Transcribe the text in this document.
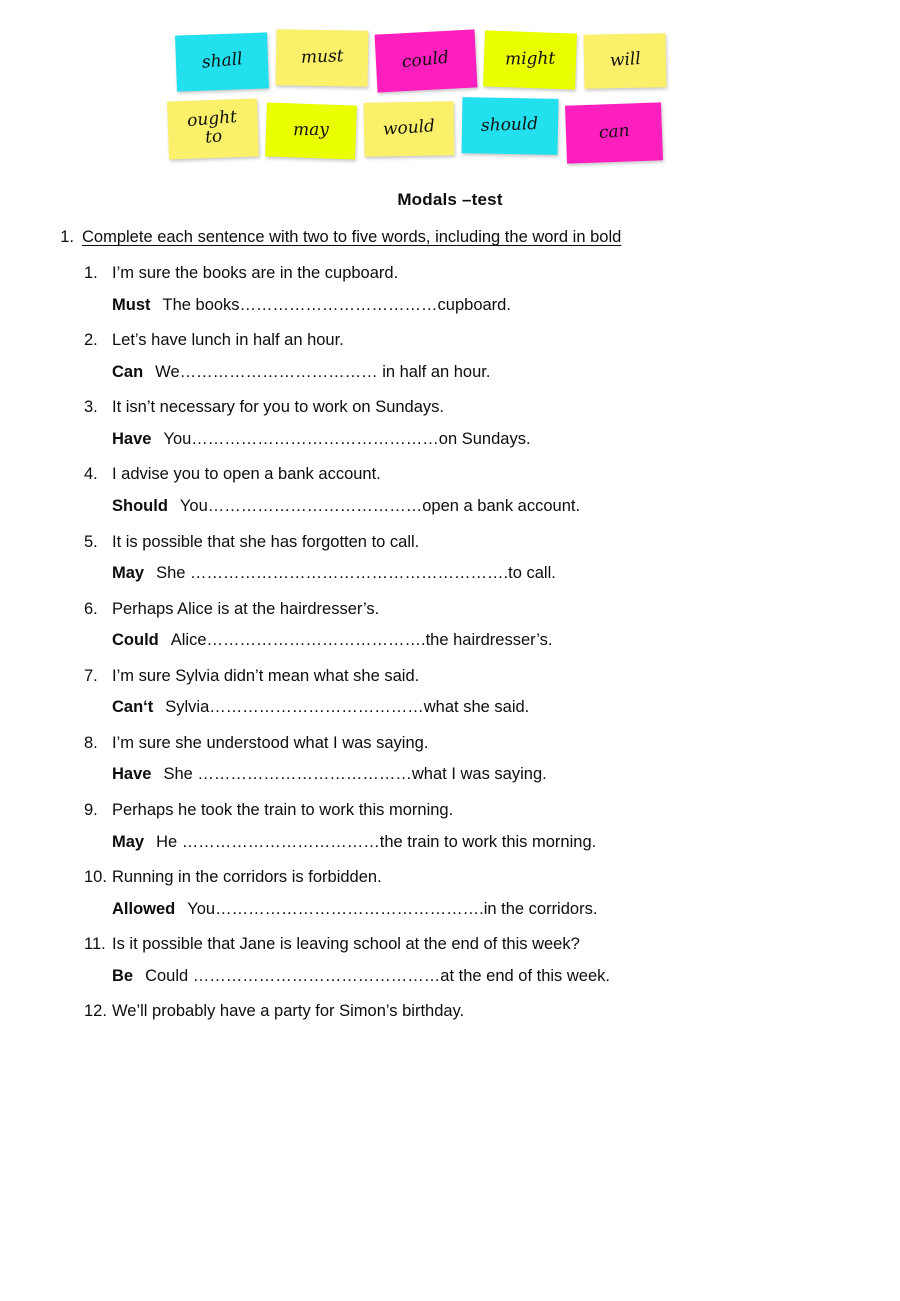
shall	must	could	might	will
ought
to	may	would	should	can
Modals –test
1. Complete each sentence with two to five words, including the word in bold
1. I’m sure the books are in the cupboard.
Must The books………………………………cupboard.
2. Let’s have lunch in half an hour.
Can We……………………………… in half an hour.
3. It isn’t necessary for you to work on Sundays.
Have You………………………………………on Sundays.
4. I advise you to open a bank account.
Should You…………………………………open a bank account.
5. It is possible that she has forgotten to call.
May She ………………………………………………….to call.
6. Perhaps Alice is at the hairdresser’s.
Could Alice………………………………….the hairdresser’s.
7. I’m sure Sylvia didn’t mean what she said.
Can‘t Sylvia…………………………………what she said.
8. I’m sure she understood what I was saying.
Have She …………………………………what I was saying.
9. Perhaps he took the train to work this morning.
May He ………………………………the train to work this morning.
10. Running in the corridors is forbidden.
Allowed You………………………………………….in the corridors.
11. Is it possible that Jane is leaving school at the end of this week?
Be Could ………………………………………at the end of this week.
12. We’ll probably have a party for Simon’s birthday.
